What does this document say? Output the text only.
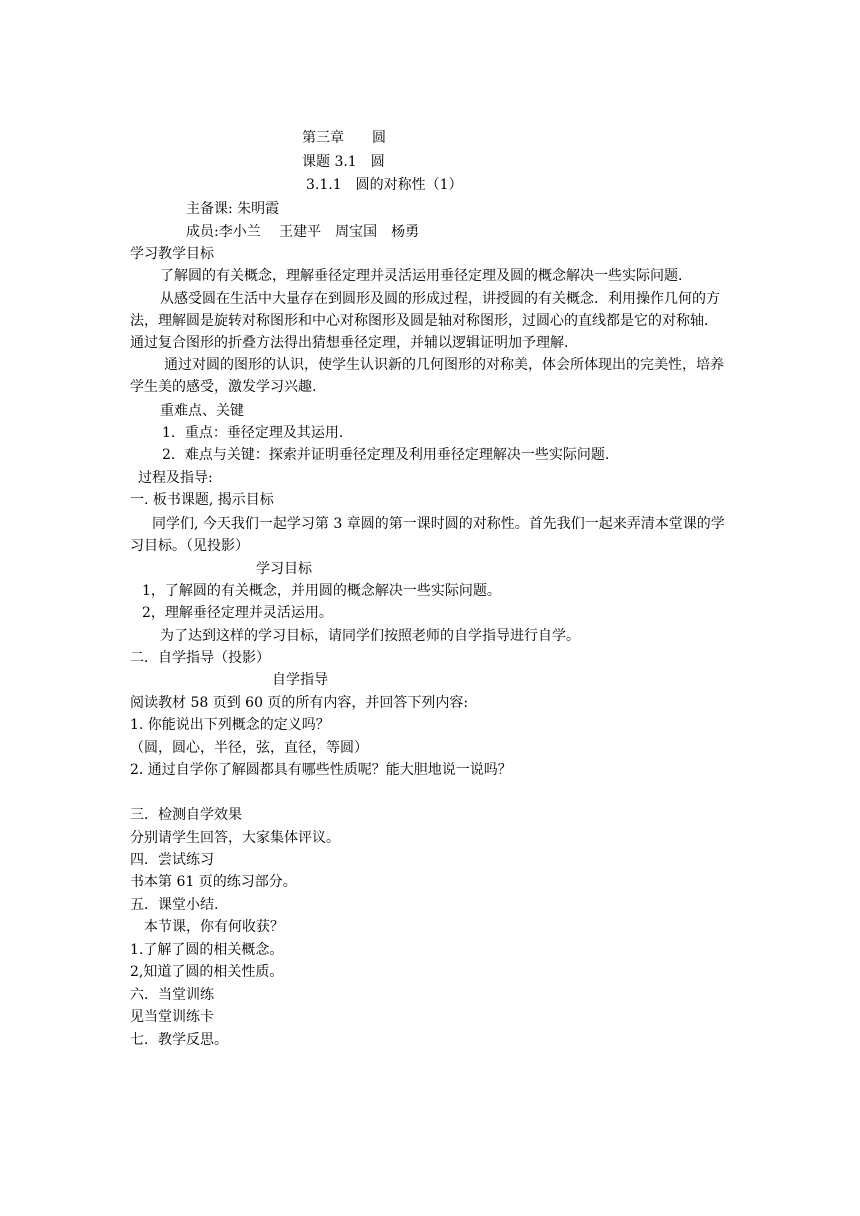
第三章　　圆
课题 3.1　圆
3.1.1　圆的对称性（1）
主备课: 朱明霞
成员:李小兰　 王建平　周宝国　杨勇
学习教学目标
了解圆的有关概念，理解垂径定理并灵活运用垂径定理及圆的概念解决一些实际问题.
从感受圆在生活中大量存在到圆形及圆的形成过程，讲授圆的有关概念．利用操作几何的方法，理解圆是旋转对称图形和中心对称图形及圆是轴对称图形，过圆心的直线都是它的对称轴．通过复合图形的折叠方法得出猜想垂径定理，并辅以逻辑证明加予理解.
通过对圆的图形的认识，使学生认识新的几何图形的对称美，体会所体现出的完美性，培养学生美的感受，激发学习兴趣.
重难点、关键
1．重点：垂径定理及其运用.
2．难点与关键：探索并证明垂径定理及利用垂径定理解决一些实际问题.
过程及指导:
一. 板书课题, 揭示目标
同学们, 今天我们一起学习第 3 章圆的第一课时圆的对称性。首先我们一起来弄清本堂课的学习目标。（见投影）
学习目标
1，了解圆的有关概念，并用圆的概念解决一些实际问题。
2，理解垂径定理并灵活运用。
为了达到这样的学习目标，请同学们按照老师的自学指导进行自学。
二．自学指导（投影）
自学指导
阅读教材 58 页到 60 页的所有内容，并回答下列内容:
1. 你能说出下列概念的定义吗？
（圆，圆心，半径，弦，直径，等圆）
2. 通过自学你了解圆都具有哪些性质呢？能大胆地说一说吗？
三．检测自学效果
分别请学生回答，大家集体评议。
四．尝试练习
书本第 61 页的练习部分。
五．课堂小结.
本节课，你有何收获？
1.了解了圆的相关概念。
2,知道了圆的相关性质。
六．当堂训练
见当堂训练卡
七．教学反思。
